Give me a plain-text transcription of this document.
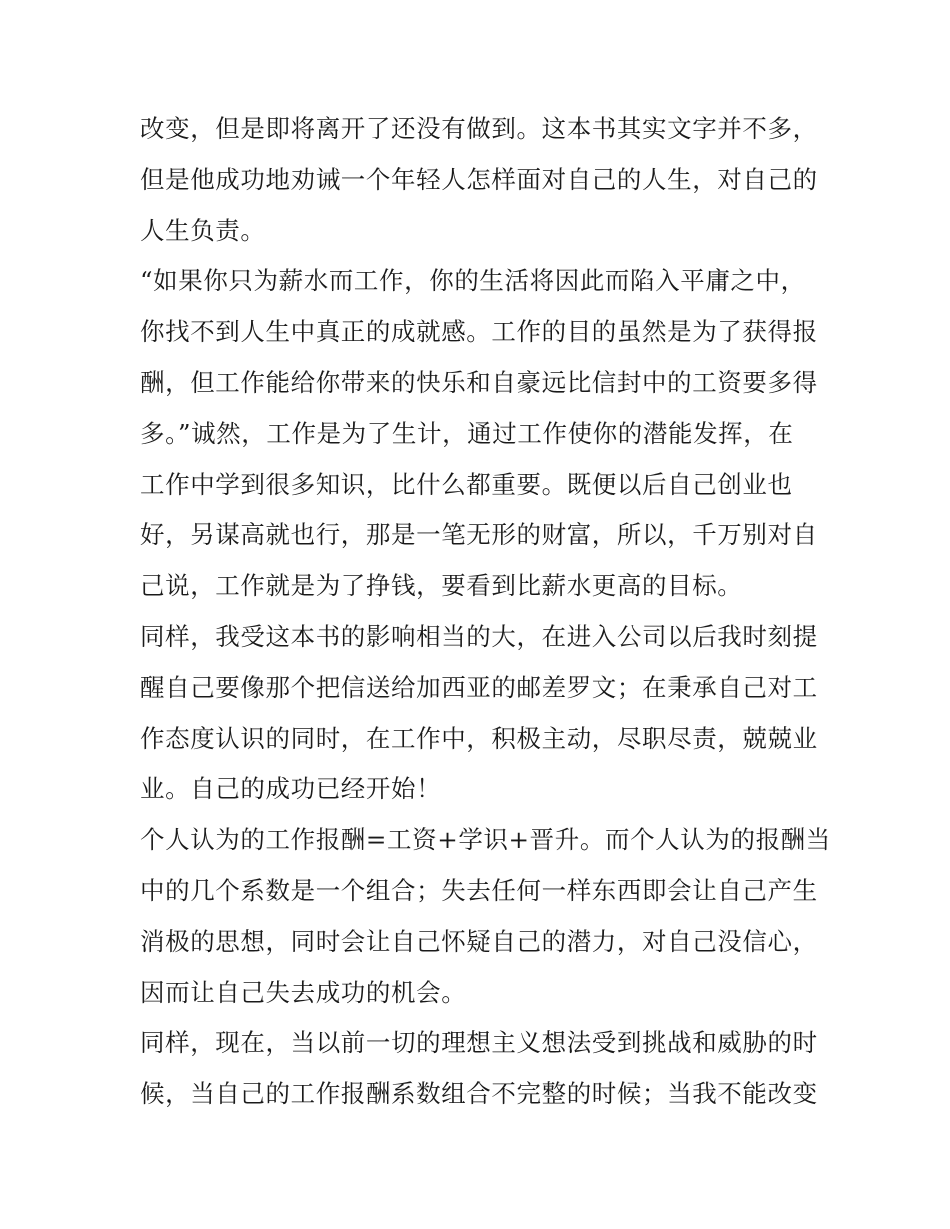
改变，但是即将离开了还没有做到。这本书其实文字并不多，
但是他成功地劝诫一个年轻人怎样面对自己的人生，对自己的
人生负责。
“如果你只为薪水而工作，你的生活将因此而陷入平庸之中，
你找不到人生中真正的成就感。工作的目的虽然是为了获得报
酬，但工作能给你带来的快乐和自豪远比信封中的工资要多得
多。”诚然，工作是为了生计，通过工作使你的潜能发挥，在
工作中学到很多知识，比什么都重要。既便以后自己创业也
好，另谋高就也行，那是一笔无形的财富，所以，千万别对自
己说，工作就是为了挣钱，要看到比薪水更高的目标。
同样，我受这本书的影响相当的大，在进入公司以后我时刻提
醒自己要像那个把信送给加西亚的邮差罗文；在秉承自己对工
作态度认识的同时，在工作中，积极主动，尽职尽责，兢兢业
业。自己的成功已经开始！
个人认为的工作报酬=工资+学识+晋升。而个人认为的报酬当
中的几个系数是一个组合；失去任何一样东西即会让自己产生
消极的思想，同时会让自己怀疑自己的潜力，对自己没信心，
因而让自己失去成功的机会。
同样，现在，当以前一切的理想主义想法受到挑战和威胁的时
候，当自己的工作报酬系数组合不完整的时候；当我不能改变
